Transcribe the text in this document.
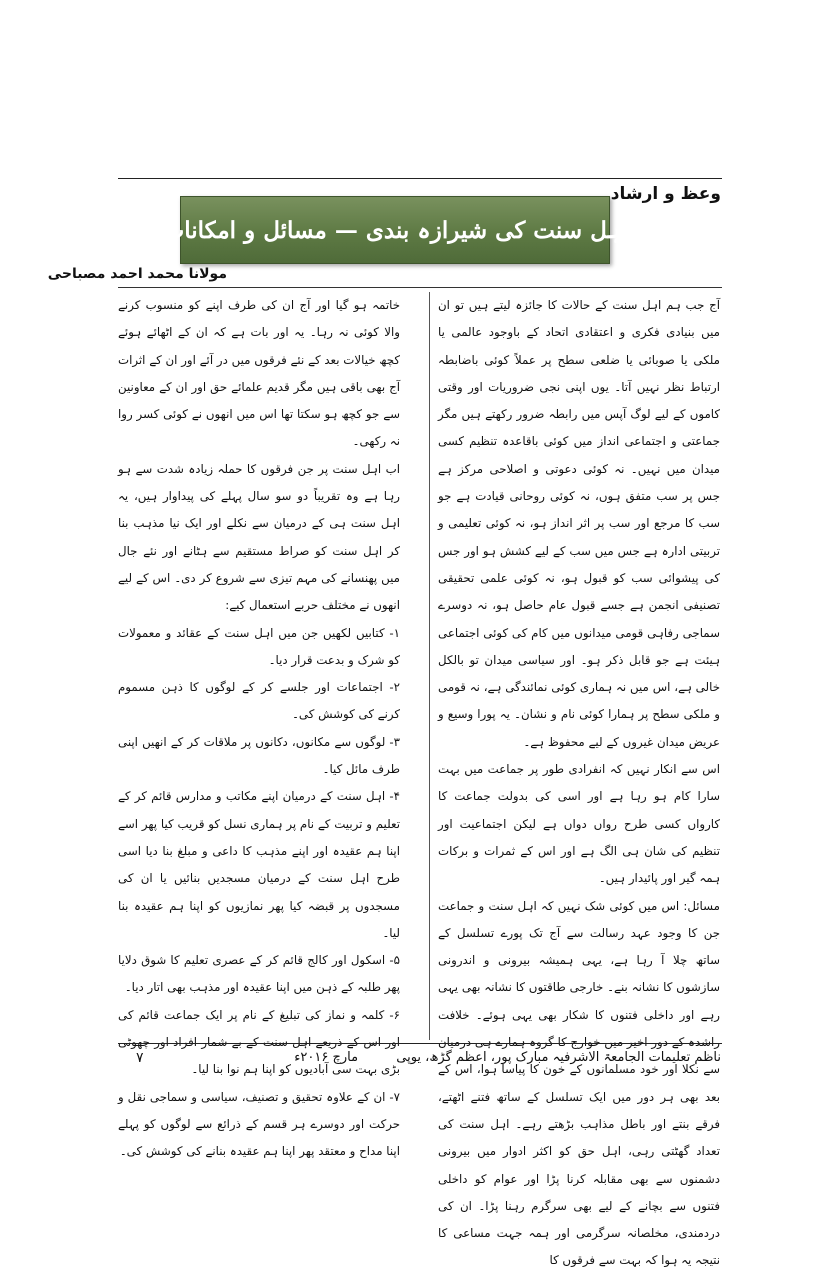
وعظ و ارشاد
اہل سنت کی شیرازہ بندی — مسائل و امکانات
مولانا محمد احمد مصباحی

آج جب ہم اہل سنت کے حالات کا جائزہ لیتے ہیں تو ان میں بنیادی فکری و اعتقادی اتحاد کے باوجود عالمی یا ملکی یا صوبائی یا ضلعی سطح پر عملاً کوئی باضابطہ ارتباط نظر نہیں آتا۔ یوں اپنی نجی ضروریات اور وقتی کاموں کے لیے لوگ آپس میں رابطہ ضرور رکھتے ہیں مگر جماعتی و اجتماعی انداز میں کوئی باقاعدہ تنظیم کسی میدان میں نہیں۔ نہ کوئی دعوتی و اصلاحی مرکز ہے جس پر سب متفق ہوں، نہ کوئی روحانی قیادت ہے جو سب کا مرجع اور سب پر اثر انداز ہو، نہ کوئی تعلیمی و تربیتی ادارہ ہے جس میں سب کے لیے کشش ہو اور جس کی پیشوائی سب کو قبول ہو، نہ کوئی علمی تحقیقی تصنیفی انجمن ہے جسے قبول عام حاصل ہو، نہ دوسرے سماجی رفاہی قومی میدانوں میں کام کی کوئی اجتماعی ہیئت ہے جو قابل ذکر ہو۔ اور سیاسی میدان تو بالکل خالی ہے، اس میں نہ ہماری کوئی نمائندگی ہے، نہ قومی و ملکی سطح پر ہمارا کوئی نام و نشان۔ یہ پورا وسیع و عریض میدان غیروں کے لیے محفوظ ہے۔

اس سے انکار نہیں کہ انفرادی طور پر جماعت میں بہت سارا کام ہو رہا ہے اور اسی کی بدولت جماعت کا کارواں کسی طرح رواں دواں ہے لیکن اجتماعیت اور تنظیم کی شان ہی الگ ہے اور اس کے ثمرات و برکات ہمہ گیر اور پائیدار ہیں۔

مسائل: اس میں کوئی شک نہیں کہ اہل سنت و جماعت جن کا وجود عہد رسالت سے آج تک پورے تسلسل کے ساتھ چلا آ رہا ہے، یہی ہمیشہ بیرونی و اندرونی سازشوں کا نشانہ بنے۔ خارجی طاقتوں کا نشانہ بھی یہی رہے اور داخلی فتنوں کا شکار بھی یہی ہوئے۔ خلافت راشدہ کے دور اخیر میں خوارج کا گروہ ہمارے ہی درمیان سے نکلا اور خود مسلمانوں کے خون کا پیاسا ہوا، اس کے بعد بھی ہر دور میں ایک تسلسل کے ساتھ فتنے اٹھتے، فرقے بنتے اور باطل مذاہب بڑھتے رہے۔ اہل سنت کی تعداد گھٹتی رہی، اہل حق کو اکثر ادوار میں بیرونی دشمنوں سے بھی مقابلہ کرنا پڑا اور عوام کو داخلی فتنوں سے بچانے کے لیے بھی سرگرم رہنا پڑا۔ ان کی دردمندی، مخلصانہ سرگرمی اور ہمہ جہت مساعی کا نتیجہ یہ ہوا کہ بہت سے فرقوں کا

خاتمہ ہو گیا اور آج ان کی طرف اپنے کو منسوب کرنے والا کوئی نہ رہا۔ یہ اور بات ہے کہ ان کے اٹھائے ہوئے کچھ خیالات بعد کے نئے فرقوں میں در آئے اور ان کے اثرات آج بھی باقی ہیں مگر قدیم علمائے حق اور ان کے معاونین سے جو کچھ ہو سکتا تھا اس میں انھوں نے کوئی کسر روا نہ رکھی۔

اب اہل سنت پر جن فرقوں کا حملہ زیادہ شدت سے ہو رہا ہے وہ تقریباً دو سو سال پہلے کی پیداوار ہیں، یہ اہل سنت ہی کے درمیان سے نکلے اور ایک نیا مذہب بنا کر اہل سنت کو صراط مستقیم سے ہٹانے اور نئے جال میں پھنسانے کی مہم تیزی سے شروع کر دی۔ اس کے لیے انھوں نے مختلف حربے استعمال کیے:

۱- کتابیں لکھیں جن میں اہل سنت کے عقائد و معمولات کو شرک و بدعت قرار دیا۔

۲- اجتماعات اور جلسے کر کے لوگوں کا ذہن مسموم کرنے کی کوشش کی۔

۳- لوگوں سے مکانوں، دکانوں پر ملاقات کر کے انھیں اپنی طرف مائل کیا۔

۴- اہل سنت کے درمیان اپنے مکاتب و مدارس قائم کر کے تعلیم و تربیت کے نام پر ہماری نسل کو قریب کیا پھر اسے اپنا ہم عقیدہ اور اپنے مذہب کا داعی و مبلغ بنا دیا اسی طرح اہل سنت کے درمیان مسجدیں بنائیں یا ان کی مسجدوں پر قبضہ کیا پھر نمازیوں کو اپنا ہم عقیدہ بنا لیا۔

۵- اسکول اور کالج قائم کر کے عصری تعلیم کا شوق دلایا پھر طلبہ کے ذہن میں اپنا عقیدہ اور مذہب بھی اتار دیا۔

۶- کلمہ و نماز کی تبلیغ کے نام پر ایک جماعت قائم کی اور اس کے ذریعے اہل سنت کے بے شمار افراد اور چھوٹی بڑی بہت سی آبادیوں کو اپنا ہم نوا بنا لیا۔

۷- ان کے علاوہ تحقیق و تصنیف، سیاسی و سماجی نقل و حرکت اور دوسرے ہر قسم کے ذرائع سے لوگوں کو پہلے اپنا مداح و معتقد پھر اپنا ہم عقیدہ بنانے کی کوشش کی۔

۷	ناظم تعلیمات الجامعۃ الاشرفیہ مبارک پور، اعظم گڑھ، یوپی مارچ ۲۰۱۶ء
